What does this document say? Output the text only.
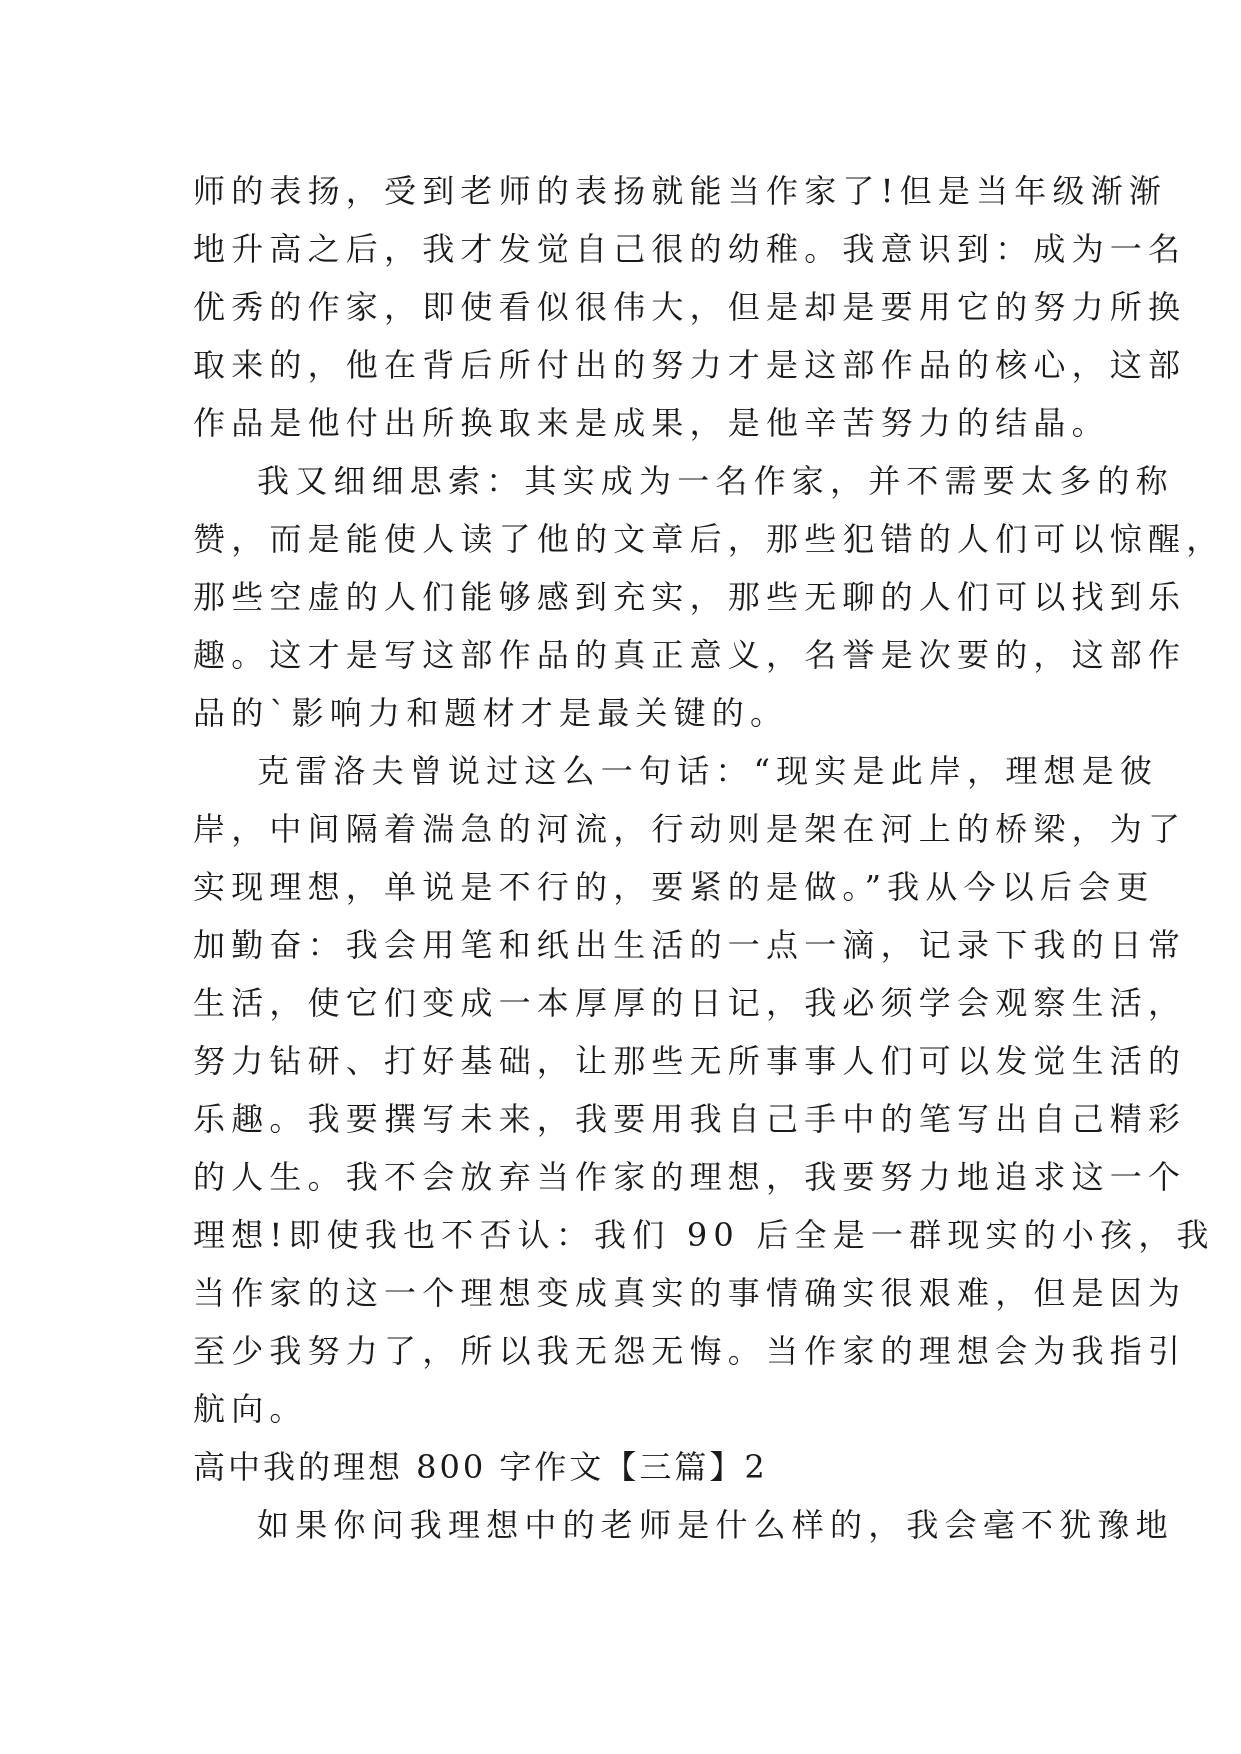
师的表扬，受到老师的表扬就能当作家了!但是当年级渐渐
地升高之后，我才发觉自己很的幼稚。我意识到：成为一名
优秀的作家，即使看似很伟大，但是却是要用它的努力所换
取来的，他在背后所付出的努力才是这部作品的核心，这部
作品是他付出所换取来是成果，是他辛苦努力的结晶。
我又细细思索：其实成为一名作家，并不需要太多的称
赞，而是能使人读了他的文章后，那些犯错的人们可以惊醒，
那些空虚的人们能够感到充实，那些无聊的人们可以找到乐
趣。这才是写这部作品的真正意义，名誉是次要的，这部作
品的`影响力和题材才是最关键的。
克雷洛夫曾说过这么一句话：“现实是此岸，理想是彼
岸，中间隔着湍急的河流，行动则是架在河上的桥梁，为了
实现理想，单说是不行的，要紧的是做。”我从今以后会更
加勤奋：我会用笔和纸出生活的一点一滴，记录下我的日常
生活，使它们变成一本厚厚的日记，我必须学会观察生活，
努力钻研、打好基础，让那些无所事事人们可以发觉生活的
乐趣。我要撰写未来，我要用我自己手中的笔写出自己精彩
的人生。我不会放弃当作家的理想，我要努力地追求这一个
理想!即使我也不否认：我们 90 后全是一群现实的小孩，我
当作家的这一个理想变成真实的事情确实很艰难，但是因为
至少我努力了，所以我无怨无悔。当作家的理想会为我指引
航向。
高中我的理想 800 字作文【三篇】2
如果你问我理想中的老师是什么样的，我会毫不犹豫地
